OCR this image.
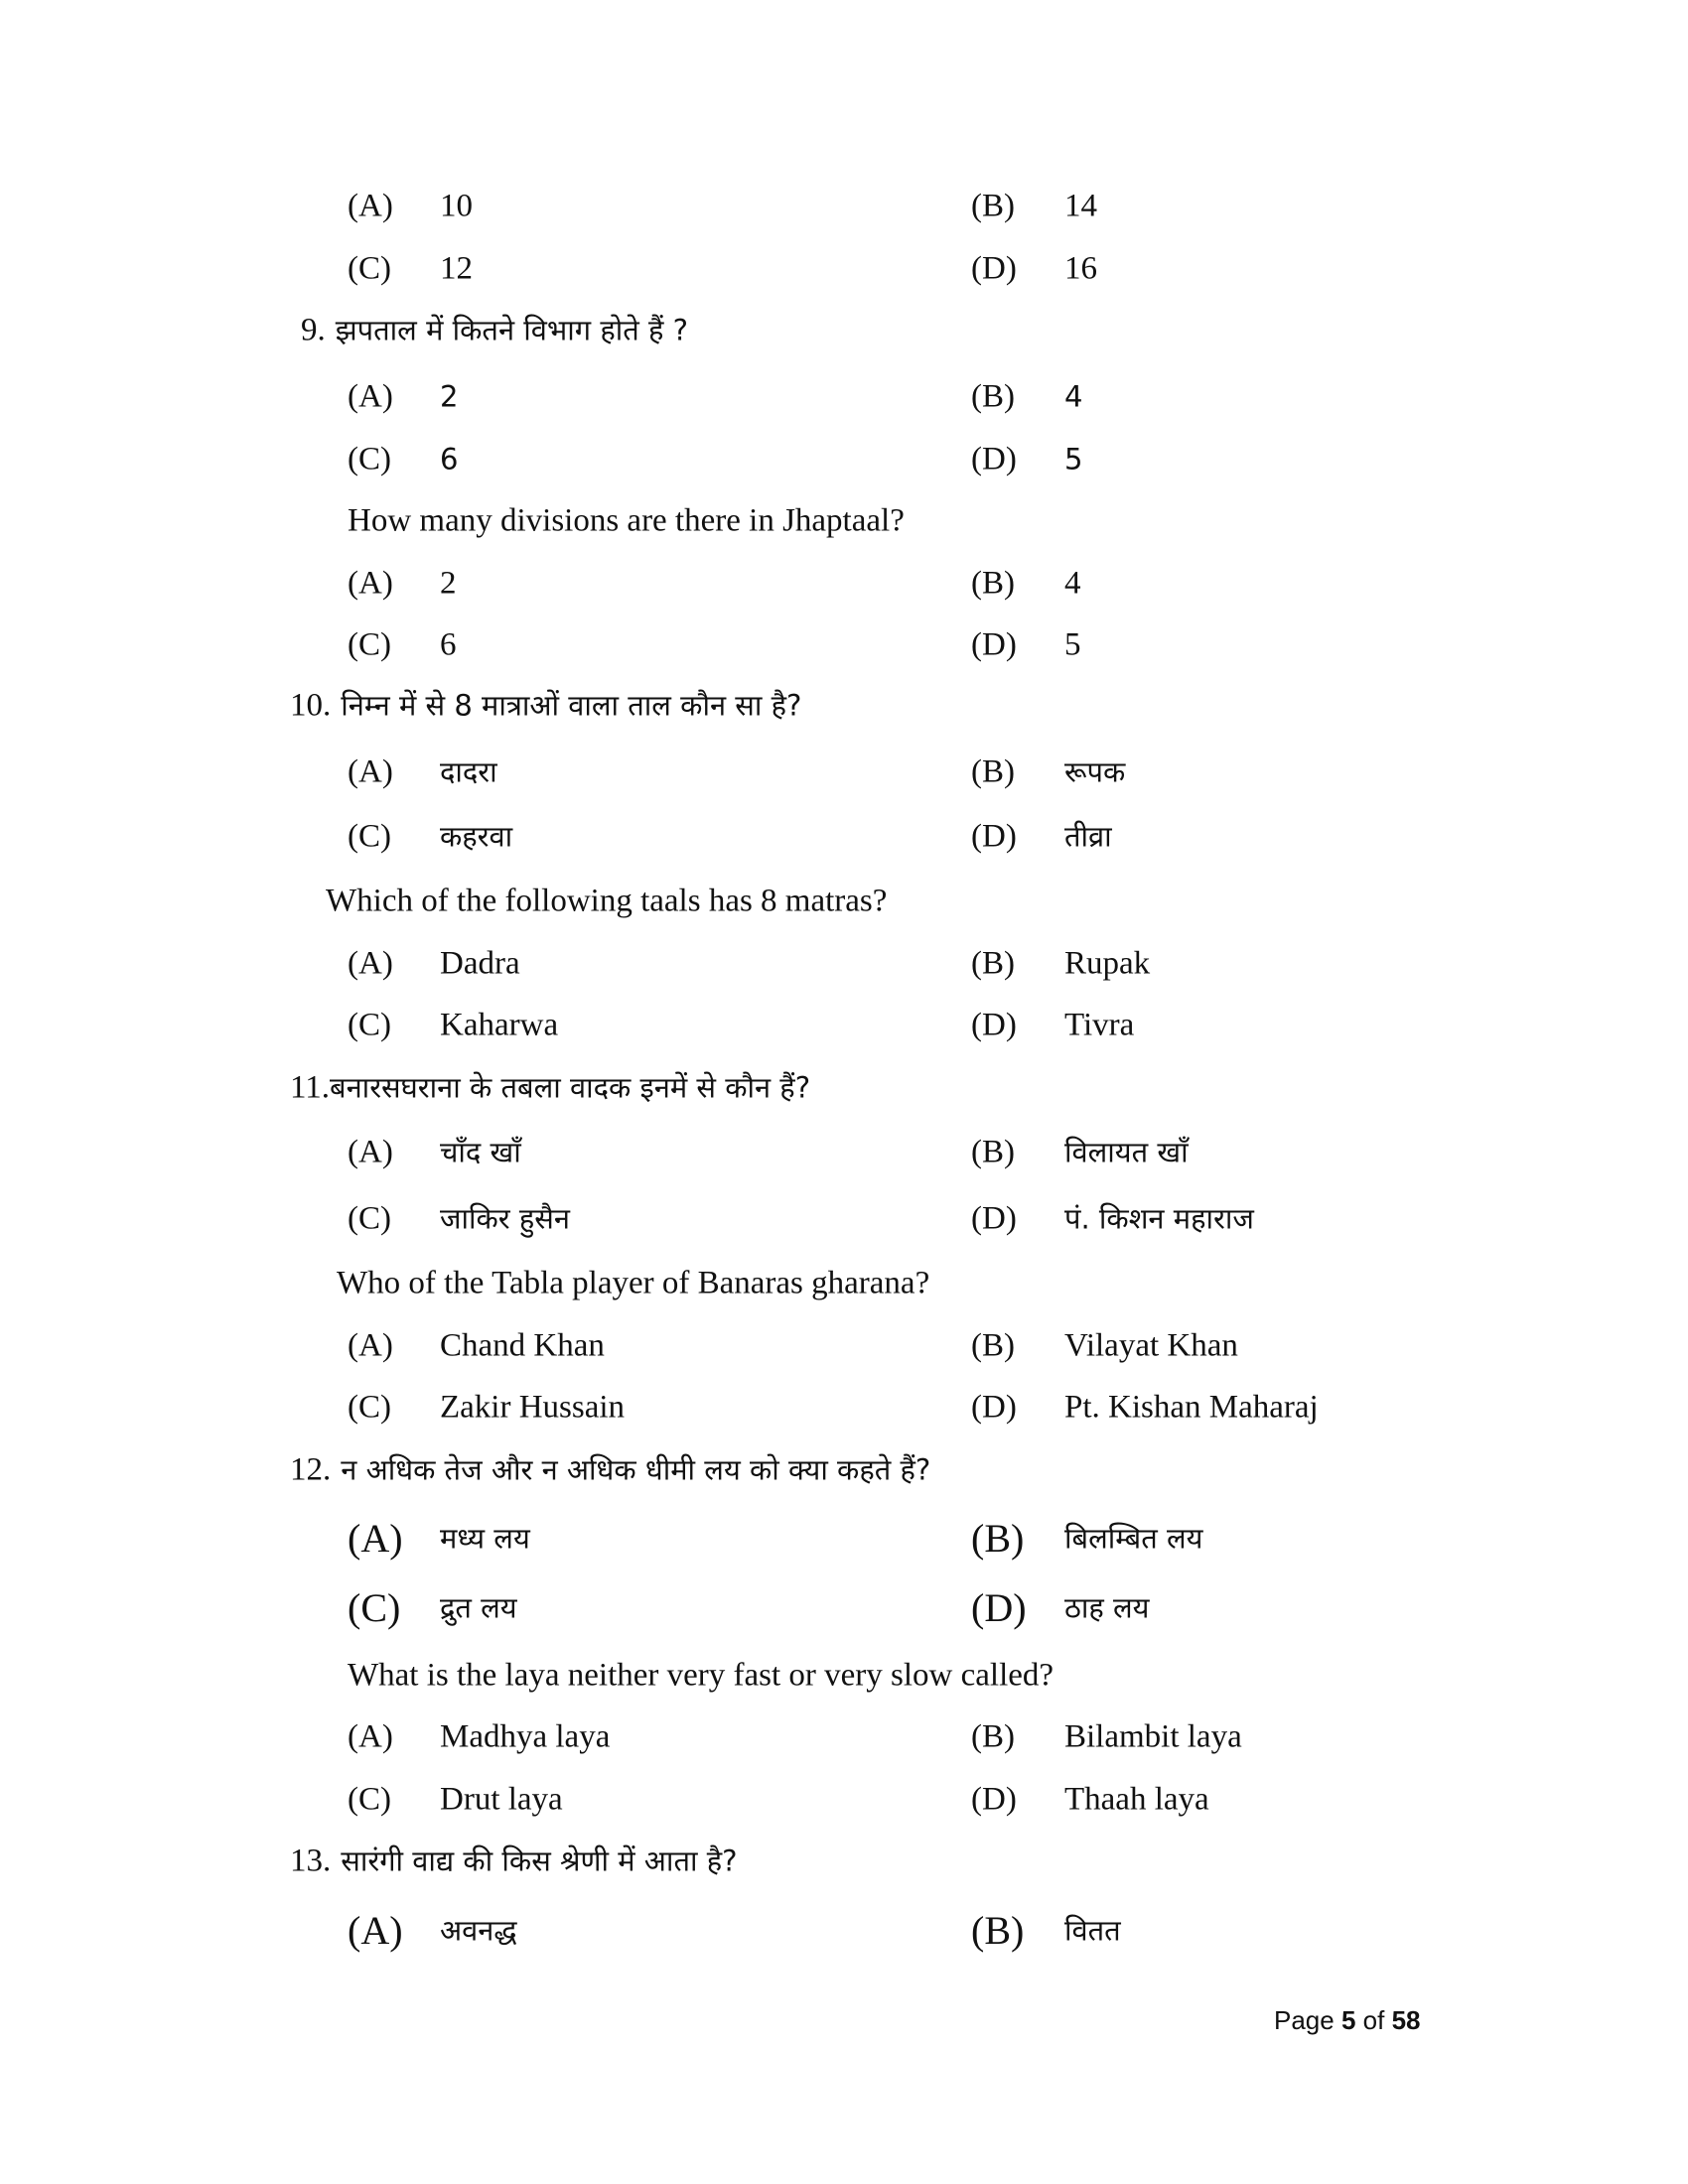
Page 5 of 58
(A) 10	(B) 14
(C) 12	(D) 16
9. झपताल में कितने विभाग होते हैं ?
(A) 2	(B) 4
(C) 6	(D) 5
How many divisions are there in Jhaptaal?
(A) 2	(B) 4
(C) 6	(D) 5
10. निम्न में से 8 मात्राओं वाला ताल कौन सा है?
(A) दादरा	(B) रूपक
(C) कहरवा	(D) तीव्रा
Which of the following taals has 8 matras?
(A) Dadra	(B) Rupak
(C) Kaharwa	(D) Tivra
11.बनारसघराना के तबला वादक इनमें से कौन हैं?
(A) चाँद खाँ	(B) विलायत खाँ
(C) जाकिर हुसैन	(D) पं. किशन महाराज
Who of the Tabla player of Banaras gharana?
(A) Chand Khan	(B) Vilayat Khan
(C) Zakir Hussain	(D) Pt. Kishan Maharaj
12. न अधिक तेज और न अधिक धीमी लय को क्या कहते हैं?
(A) मध्य लय	(B) बिलम्बित लय
(C) द्रुत लय	(D) ठाह लय
What is the laya neither very fast or very slow called?
(A) Madhya laya	(B) Bilambit laya
(C) Drut laya	(D) Thaah laya
13. सारंगी वाद्य की किस श्रेणी में आता है?
(A) अवनद्ध	(B) वितत
